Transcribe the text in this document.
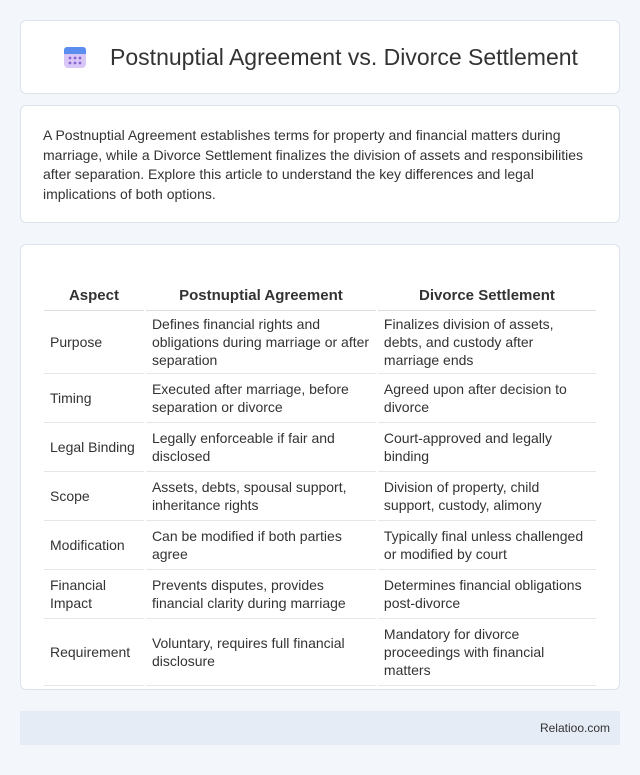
Postnuptial Agreement vs. Divorce Settlement

A Postnuptial Agreement establishes terms for property and financial matters during marriage, while a Divorce Settlement finalizes the division of assets and responsibilities after separation. Explore this article to understand the key differences and legal implications of both options.

Aspect	Postnuptial Agreement	Divorce Settlement
Purpose	Defines financial rights and obligations during marriage or after separation	Finalizes division of assets, debts, and custody after marriage ends
Timing	Executed after marriage, before separation or divorce	Agreed upon after decision to divorce
Legal Binding	Legally enforceable if fair and disclosed	Court-approved and legally binding
Scope	Assets, debts, spousal support, inheritance rights	Division of property, child support, custody, alimony
Modification	Can be modified if both parties agree	Typically final unless challenged or modified by court
Financial Impact	Prevents disputes, provides financial clarity during marriage	Determines financial obligations post-divorce
Requirement	Voluntary, requires full financial disclosure	Mandatory for divorce proceedings with financial matters
Relatioo.com
